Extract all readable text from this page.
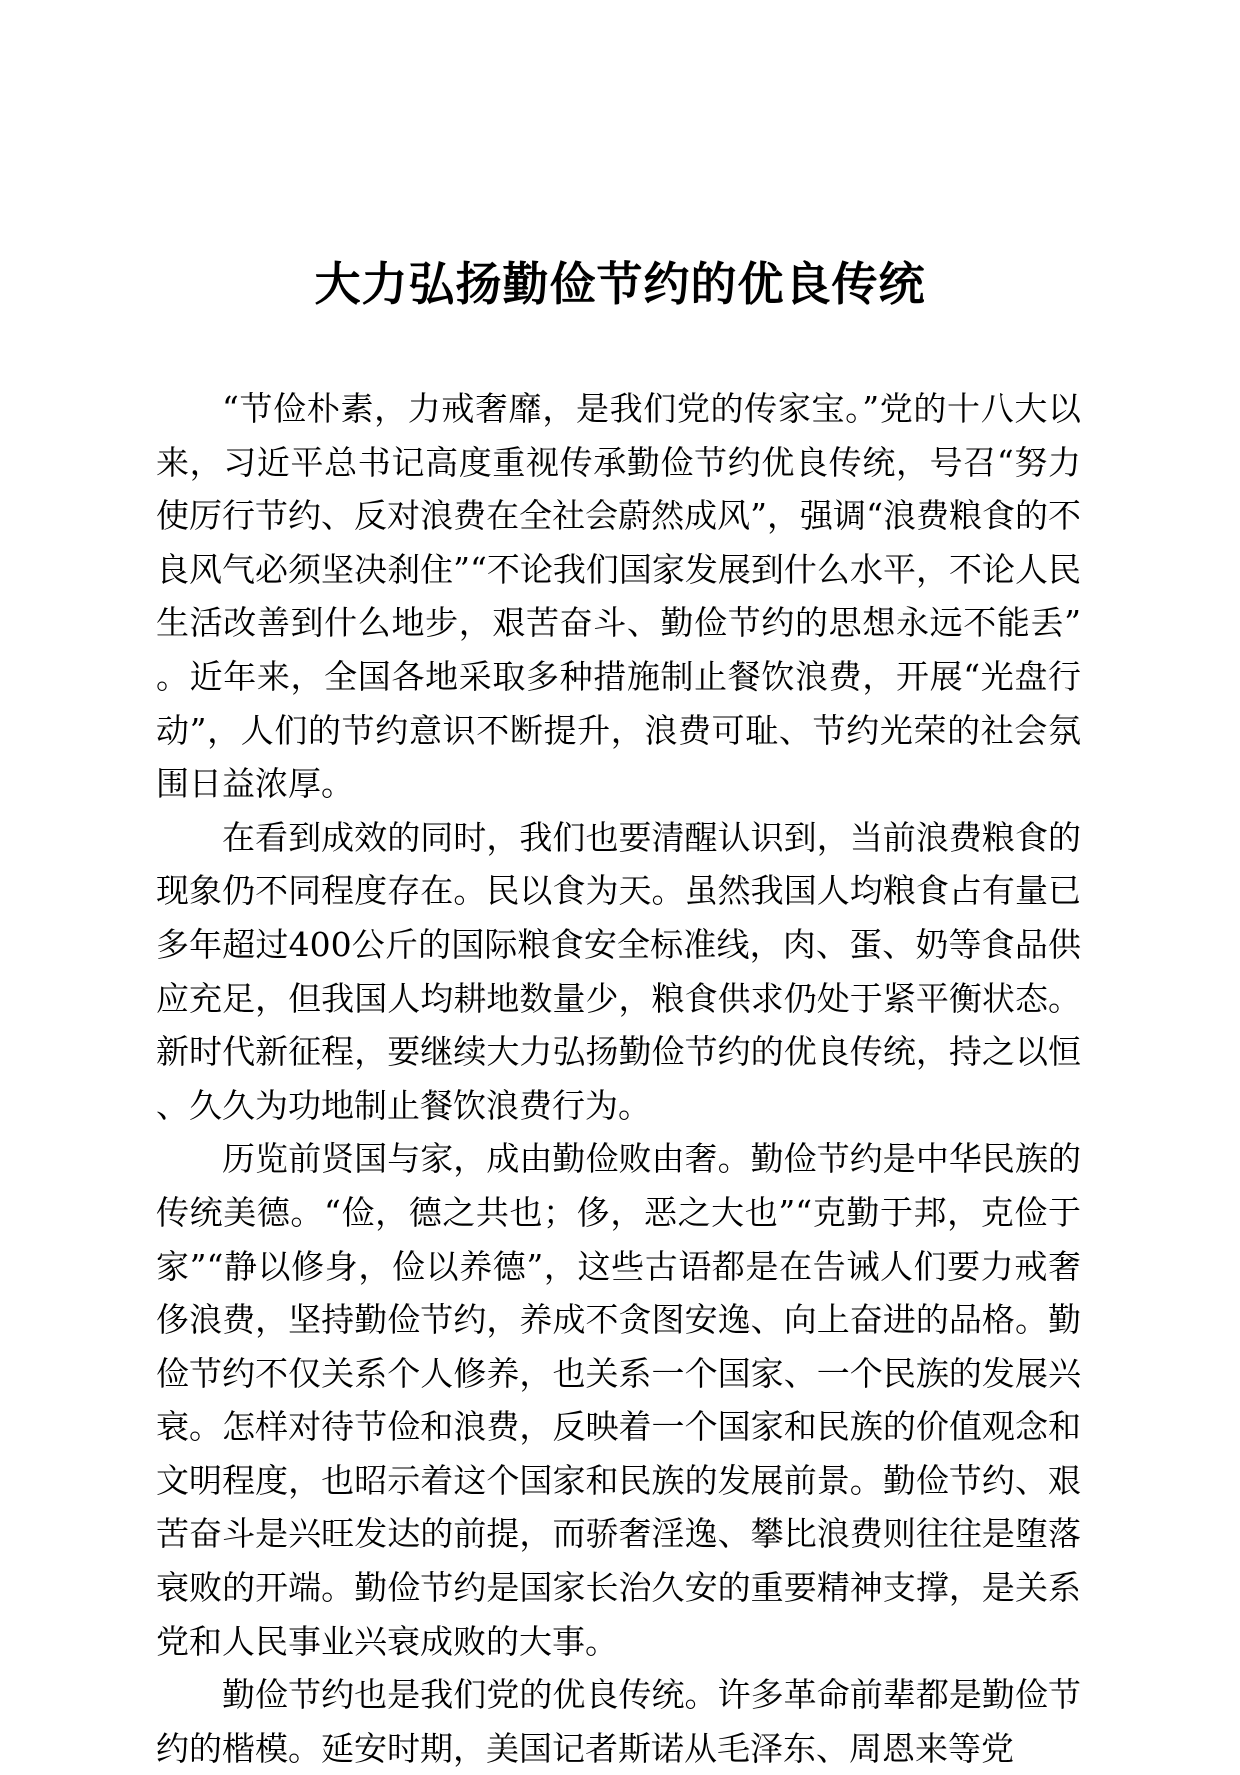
大力弘扬勤俭节约的优良传统

“节俭朴素，力戒奢靡，是我们党的传家宝。”党的十八大以来，习近平总书记高度重视传承勤俭节约优良传统，号召“努力使厉行节约、反对浪费在全社会蔚然成风”，强调“浪费粮食的不良风气必须坚决刹住”“不论我们国家发展到什么水平，不论人民生活改善到什么地步，艰苦奋斗、勤俭节约的思想永远不能丢”。近年来，全国各地采取多种措施制止餐饮浪费，开展“光盘行动”，人们的节约意识不断提升，浪费可耻、节约光荣的社会氛围日益浓厚。

在看到成效的同时，我们也要清醒认识到，当前浪费粮食的现象仍不同程度存在。民以食为天。虽然我国人均粮食占有量已多年超过400公斤的国际粮食安全标准线，肉、蛋、奶等食品供应充足，但我国人均耕地数量少，粮食供求仍处于紧平衡状态。新时代新征程，要继续大力弘扬勤俭节约的优良传统，持之以恒、久久为功地制止餐饮浪费行为。

历览前贤国与家，成由勤俭败由奢。勤俭节约是中华民族的传统美德。“俭，德之共也；侈，恶之大也”“克勤于邦，克俭于家”“静以修身，俭以养德”，这些古语都是在告诫人们要力戒奢侈浪费，坚持勤俭节约，养成不贪图安逸、向上奋进的品格。勤俭节约不仅关系个人修养，也关系一个国家、一个民族的发展兴衰。怎样对待节俭和浪费，反映着一个国家和民族的价值观念和文明程度，也昭示着这个国家和民族的发展前景。勤俭节约、艰苦奋斗是兴旺发达的前提，而骄奢淫逸、攀比浪费则往往是堕落衰败的开端。勤俭节约是国家长治久安的重要精神支撑，是关系党和人民事业兴衰成败的大事。

勤俭节约也是我们党的优良传统。许多革命前辈都是勤俭节约的楷模。延安时期，美国记者斯诺从毛泽东、周恩来等党
